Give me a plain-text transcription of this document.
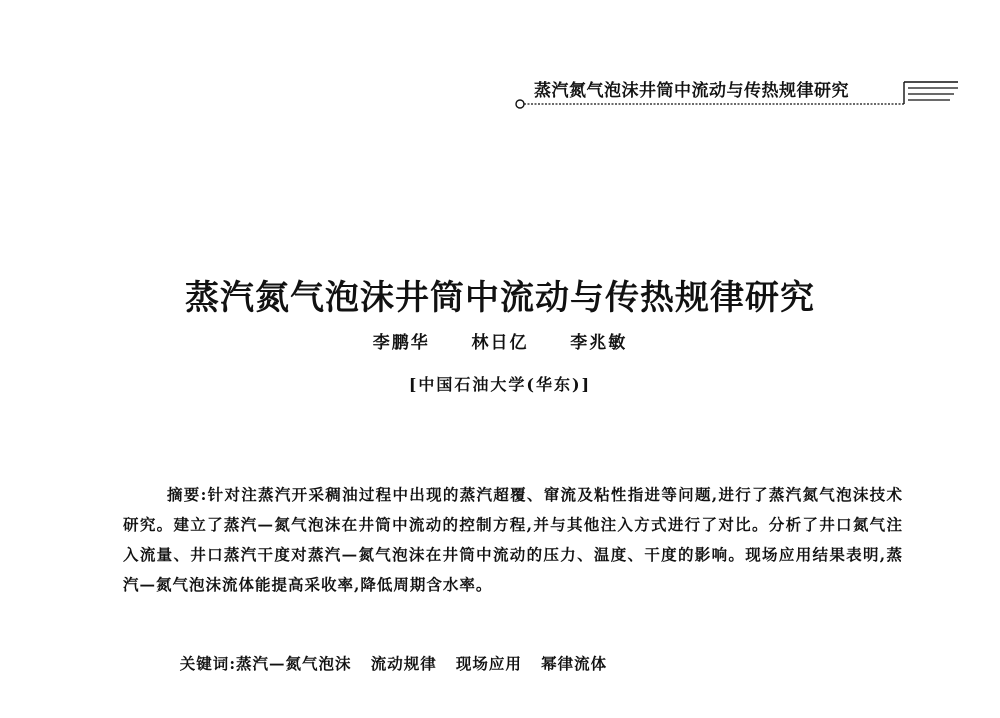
蒸汽氮气泡沫井筒中流动与传热规律研究
蒸汽氮气泡沫井筒中流动与传热规律研究
李鹏华   林日亿   李兆敏
[中国石油大学(华东)]
摘要:针对注蒸汽开采稠油过程中出现的蒸汽超覆、窜流及粘性指进等问题,进行了蒸汽氮气泡沫技术研究。建立了蒸汽—氮气泡沫在井筒中流动的控制方程,并与其他注入方式进行了对比。分析了井口氮气注入流量、井口蒸汽干度对蒸汽—氮气泡沫在井筒中流动的压力、温度、干度的影响。现场应用结果表明,蒸汽—氮气泡沫流体能提高采收率,降低周期含水率。

关键词:蒸汽—氮气泡沫   流动规律   现场应用   幂律流体
